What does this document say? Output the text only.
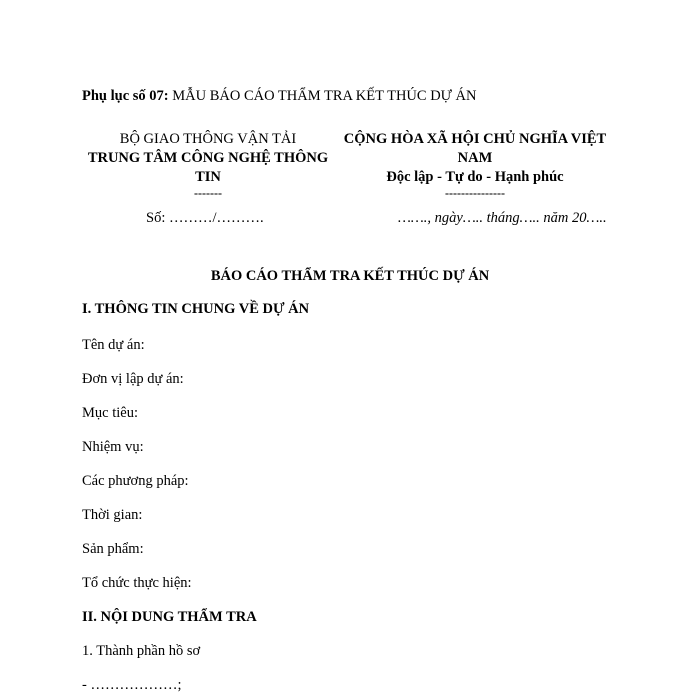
Phụ lục số 07: MẪU BÁO CÁO THẨM TRA KẾT THÚC DỰ ÁN
BỘ GIAO THÔNG VẬN TẢI
TRUNG TÂM CÔNG NGHỆ THÔNG TIN
-------
CỘNG HÒA XÃ HỘI CHỦ NGHĨA VIỆT NAM
Độc lập - Tự do - Hạnh phúc
---------------
Số: ………/……….	……., ngày….. tháng….. năm 20…..
BÁO CÁO THẨM TRA KẾT THÚC DỰ ÁN
I. THÔNG TIN CHUNG VỀ DỰ ÁN
Tên dự án:
Đơn vị lập dự án:
Mục tiêu:
Nhiệm vụ:
Các phương pháp:
Thời gian:
Sản phẩm:
Tổ chức thực hiện:
II. NỘI DUNG THẨM TRA
1. Thành phần hồ sơ
- ………………;
